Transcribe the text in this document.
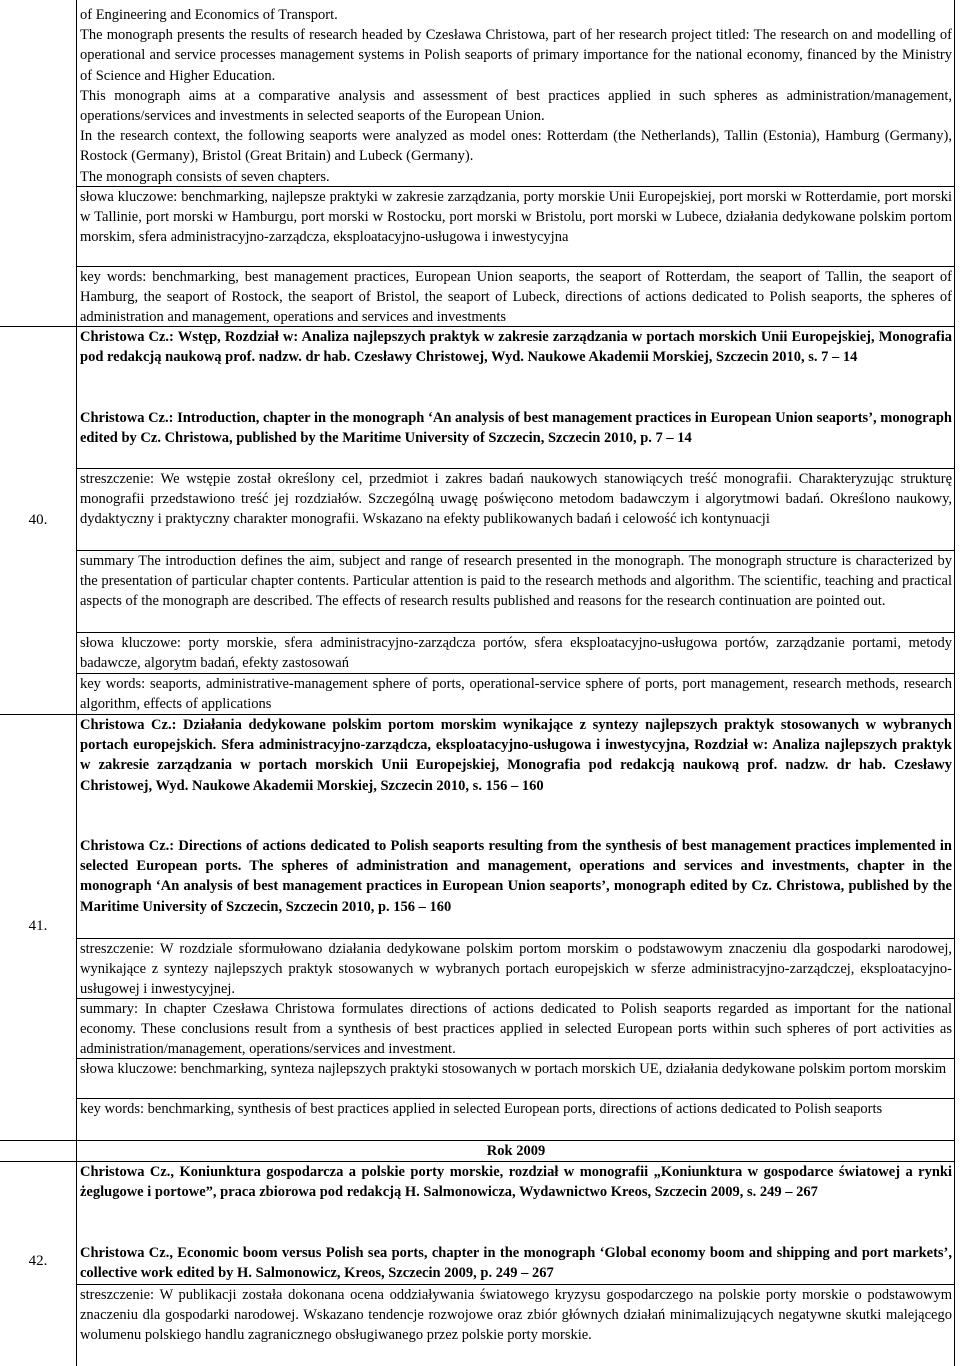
of Engineering and Economics of Transport.

The monograph presents the results of research headed by Czesława Christowa, part of her research project titled: The research on and modelling of operational and service processes management systems in Polish seaports of primary importance for the national economy, financed by the Ministry of Science and Higher Education.

This monograph aims at a comparative analysis and assessment of best practices applied in such spheres as administration/management, operations/services and investments in selected seaports of the European Union.

In the research context, the following seaports were analyzed as model ones: Rotterdam (the Netherlands), Tallin (Estonia), Hamburg (Germany), Rostock (Germany), Bristol (Great Britain) and Lubeck (Germany).

The monograph consists of seven chapters.

słowa kluczowe: benchmarking, najlepsze praktyki w zakresie zarządzania, porty morskie Unii Europejskiej, port morski w Rotterdamie, port morski w Tallinie, port morski w Hamburgu, port morski w Rostocku, port morski w Bristolu, port morski w Lubece, działania dedykowane polskim portom morskim, sfera administracyjno-zarządcza, eksploatacyjno-usługowa i inwestycyjna
key words: benchmarking, best management practices, European Union seaports, the seaport of Rotterdam, the seaport of Tallin, the seaport of Hamburg, the seaport of Rostock, the seaport of Bristol, the seaport of Lubeck, directions of actions dedicated to Polish seaports, the spheres of administration and management, operations and services and investments
40.
Christowa Cz.: Wstęp, Rozdział w: Analiza najlepszych praktyk w zakresie zarządzania w portach morskich Unii Europejskiej, Monografia pod redakcją naukową prof. nadzw. dr hab. Czesławy Christowej, Wyd. Naukowe Akademii Morskiej, Szczecin 2010, s. 7 – 14
Christowa Cz.: Introduction, chapter in the monograph ‘An analysis of best management practices in European Union seaports’, monograph edited by Cz. Christowa, published by the Maritime University of Szczecin, Szczecin 2010, p. 7 – 14
streszczenie: We wstępie został określony cel, przedmiot i zakres badań naukowych stanowiących treść monografii. Charakteryzując strukturę monografii przedstawiono treść jej rozdziałów. Szczególną uwagę poświęcono metodom badawczym i algorytmowi badań. Określono naukowy, dydaktyczny i praktyczny charakter monografii. Wskazano na efekty publikowanych badań i celowość ich kontynuacji
summary The introduction defines the aim, subject and range of research presented in the monograph. The monograph structure is characterized by the presentation of particular chapter contents. Particular attention is paid to the research methods and algorithm. The scientific, teaching and practical aspects of the monograph are described. The effects of research results published and reasons for the research continuation are pointed out.
słowa kluczowe: porty morskie, sfera administracyjno-zarządcza portów, sfera eksploatacyjno-usługowa portów, zarządzanie portami, metody badawcze, algorytm badań, efekty zastosowań
key words: seaports, administrative-management sphere of ports, operational-service sphere of ports, port management, research methods, research algorithm, effects of applications
41.
Christowa Cz.: Działania dedykowane polskim portom morskim wynikające z syntezy najlepszych praktyk stosowanych w wybranych portach europejskich. Sfera administracyjno-zarządcza, eksploatacyjno-usługowa i inwestycyjna, Rozdział w: Analiza najlepszych praktyk w zakresie zarządzania w portach morskich Unii Europejskiej, Monografia pod redakcją naukową prof. nadzw. dr hab. Czesławy Christowej, Wyd. Naukowe Akademii Morskiej, Szczecin 2010, s. 156 – 160
Christowa Cz.: Directions of actions dedicated to Polish seaports resulting from the synthesis of best management practices implemented in selected European ports. The spheres of administration and management, operations and services and investments, chapter in the monograph ‘An analysis of best management practices in European Union seaports’, monograph edited by Cz. Christowa, published by the Maritime University of Szczecin, Szczecin 2010, p. 156 – 160
streszczenie: W rozdziale sformułowano działania dedykowane polskim portom morskim o podstawowym znaczeniu dla gospodarki narodowej, wynikające z syntezy najlepszych praktyk stosowanych w wybranych portach europejskich w sferze administracyjno-zarządczej, eksploatacyjno-usługowej i inwestycyjnej.
summary: In chapter Czesława Christowa formulates directions of actions dedicated to Polish seaports regarded as important for the national economy. These conclusions result from a synthesis of best practices applied in selected European ports within such spheres of port activities as administration/management, operations/services and investment.
słowa kluczowe: benchmarking, synteza najlepszych praktyki stosowanych w portach morskich UE, działania dedykowane polskim portom morskim
key words: benchmarking, synthesis of best practices applied in selected European ports, directions of actions dedicated to Polish seaports
Rok 2009
42.
Christowa Cz., Koniunktura gospodarcza a polskie porty morskie, rozdział w monografii „Koniunktura w gospodarce światowej a rynki żeglugowe i portowe”, praca zbiorowa pod redakcją H. Salmonowicza, Wydawnictwo Kreos, Szczecin 2009, s. 249 – 267
Christowa Cz., Economic boom versus Polish sea ports, chapter in the monograph ‘Global economy boom and shipping and port markets’, collective work edited by H. Salmonowicz, Kreos, Szczecin 2009, p. 249 – 267
streszczenie: W publikacji została dokonana ocena oddziaływania światowego kryzysu gospodarczego na polskie porty morskie o podstawowym znaczeniu dla gospodarki narodowej. Wskazano tendencje rozwojowe oraz zbiór głównych działań minimalizujących negatywne skutki malejącego wolumenu polskiego handlu zagranicznego obsługiwanego przez polskie porty morskie.
